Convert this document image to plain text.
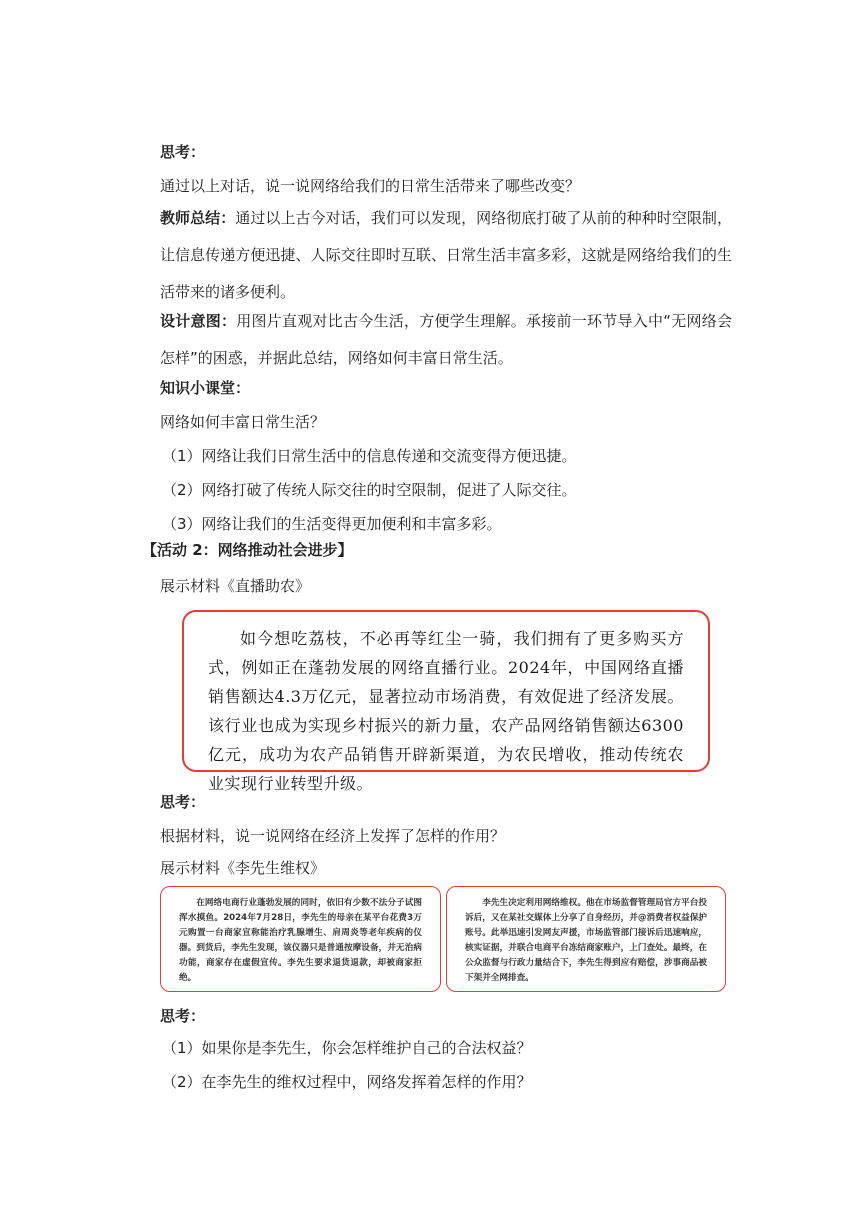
思考：
通过以上对话，说一说网络给我们的日常生活带来了哪些改变？
教师总结：通过以上古今对话，我们可以发现，网络彻底打破了从前的种种时空限制，让信息传递方便迅捷、人际交往即时互联、日常生活丰富多彩，这就是网络给我们的生活带来的诸多便利。
设计意图：用图片直观对比古今生活，方便学生理解。承接前一环节导入中“无网络会怎样”的困惑，并据此总结，网络如何丰富日常生活。
知识小课堂：
网络如何丰富日常生活？
（1）网络让我们日常生活中的信息传递和交流变得方便迅捷。
（2）网络打破了传统人际交往的时空限制，促进了人际交往。
（3）网络让我们的生活变得更加便利和丰富多彩。
【活动 2：网络推动社会进步】
展示材料《直播助农》

如今想吃荔枝，不必再等红尘一骑，我们拥有了更多购买方式，例如正在蓬勃发展的网络直播行业。2024年，中国网络直播销售额达4.3万亿元，显著拉动市场消费，有效促进了经济发展。该行业也成为实现乡村振兴的新力量，农产品网络销售额达6300亿元，成功为农产品销售开辟新渠道，为农民增收，推动传统农业实现行业转型升级。

思考：
根据材料，说一说网络在经济上发挥了怎样的作用？
展示材料《李先生维权》

在网络电商行业蓬勃发展的同时，依旧有少数不法分子试图浑水摸鱼。2024年7月28日，李先生的母亲在某平台花费3万元购置一台商家宣称能治疗乳腺增生、肩周炎等老年疾病的仪器。到货后，李先生发现，该仪器只是普通按摩设备，并无治病功能，商家存在虚假宣传。李先生要求退货退款，却被商家拒绝。

李先生决定利用网络维权。他在市场监督管理局官方平台投诉后，又在某社交媒体上分享了自身经历，并@消费者权益保护账号。此举迅速引发网友声援，市场监管部门接诉后迅速响应，核实证据，并联合电商平台冻结商家账户，上门查处。最终，在公众监督与行政力量结合下，李先生得到应有赔偿，涉事商品被下架并全网排查。

思考：
（1）如果你是李先生，你会怎样维护自己的合法权益？
（2）在李先生的维权过程中，网络发挥着怎样的作用？
